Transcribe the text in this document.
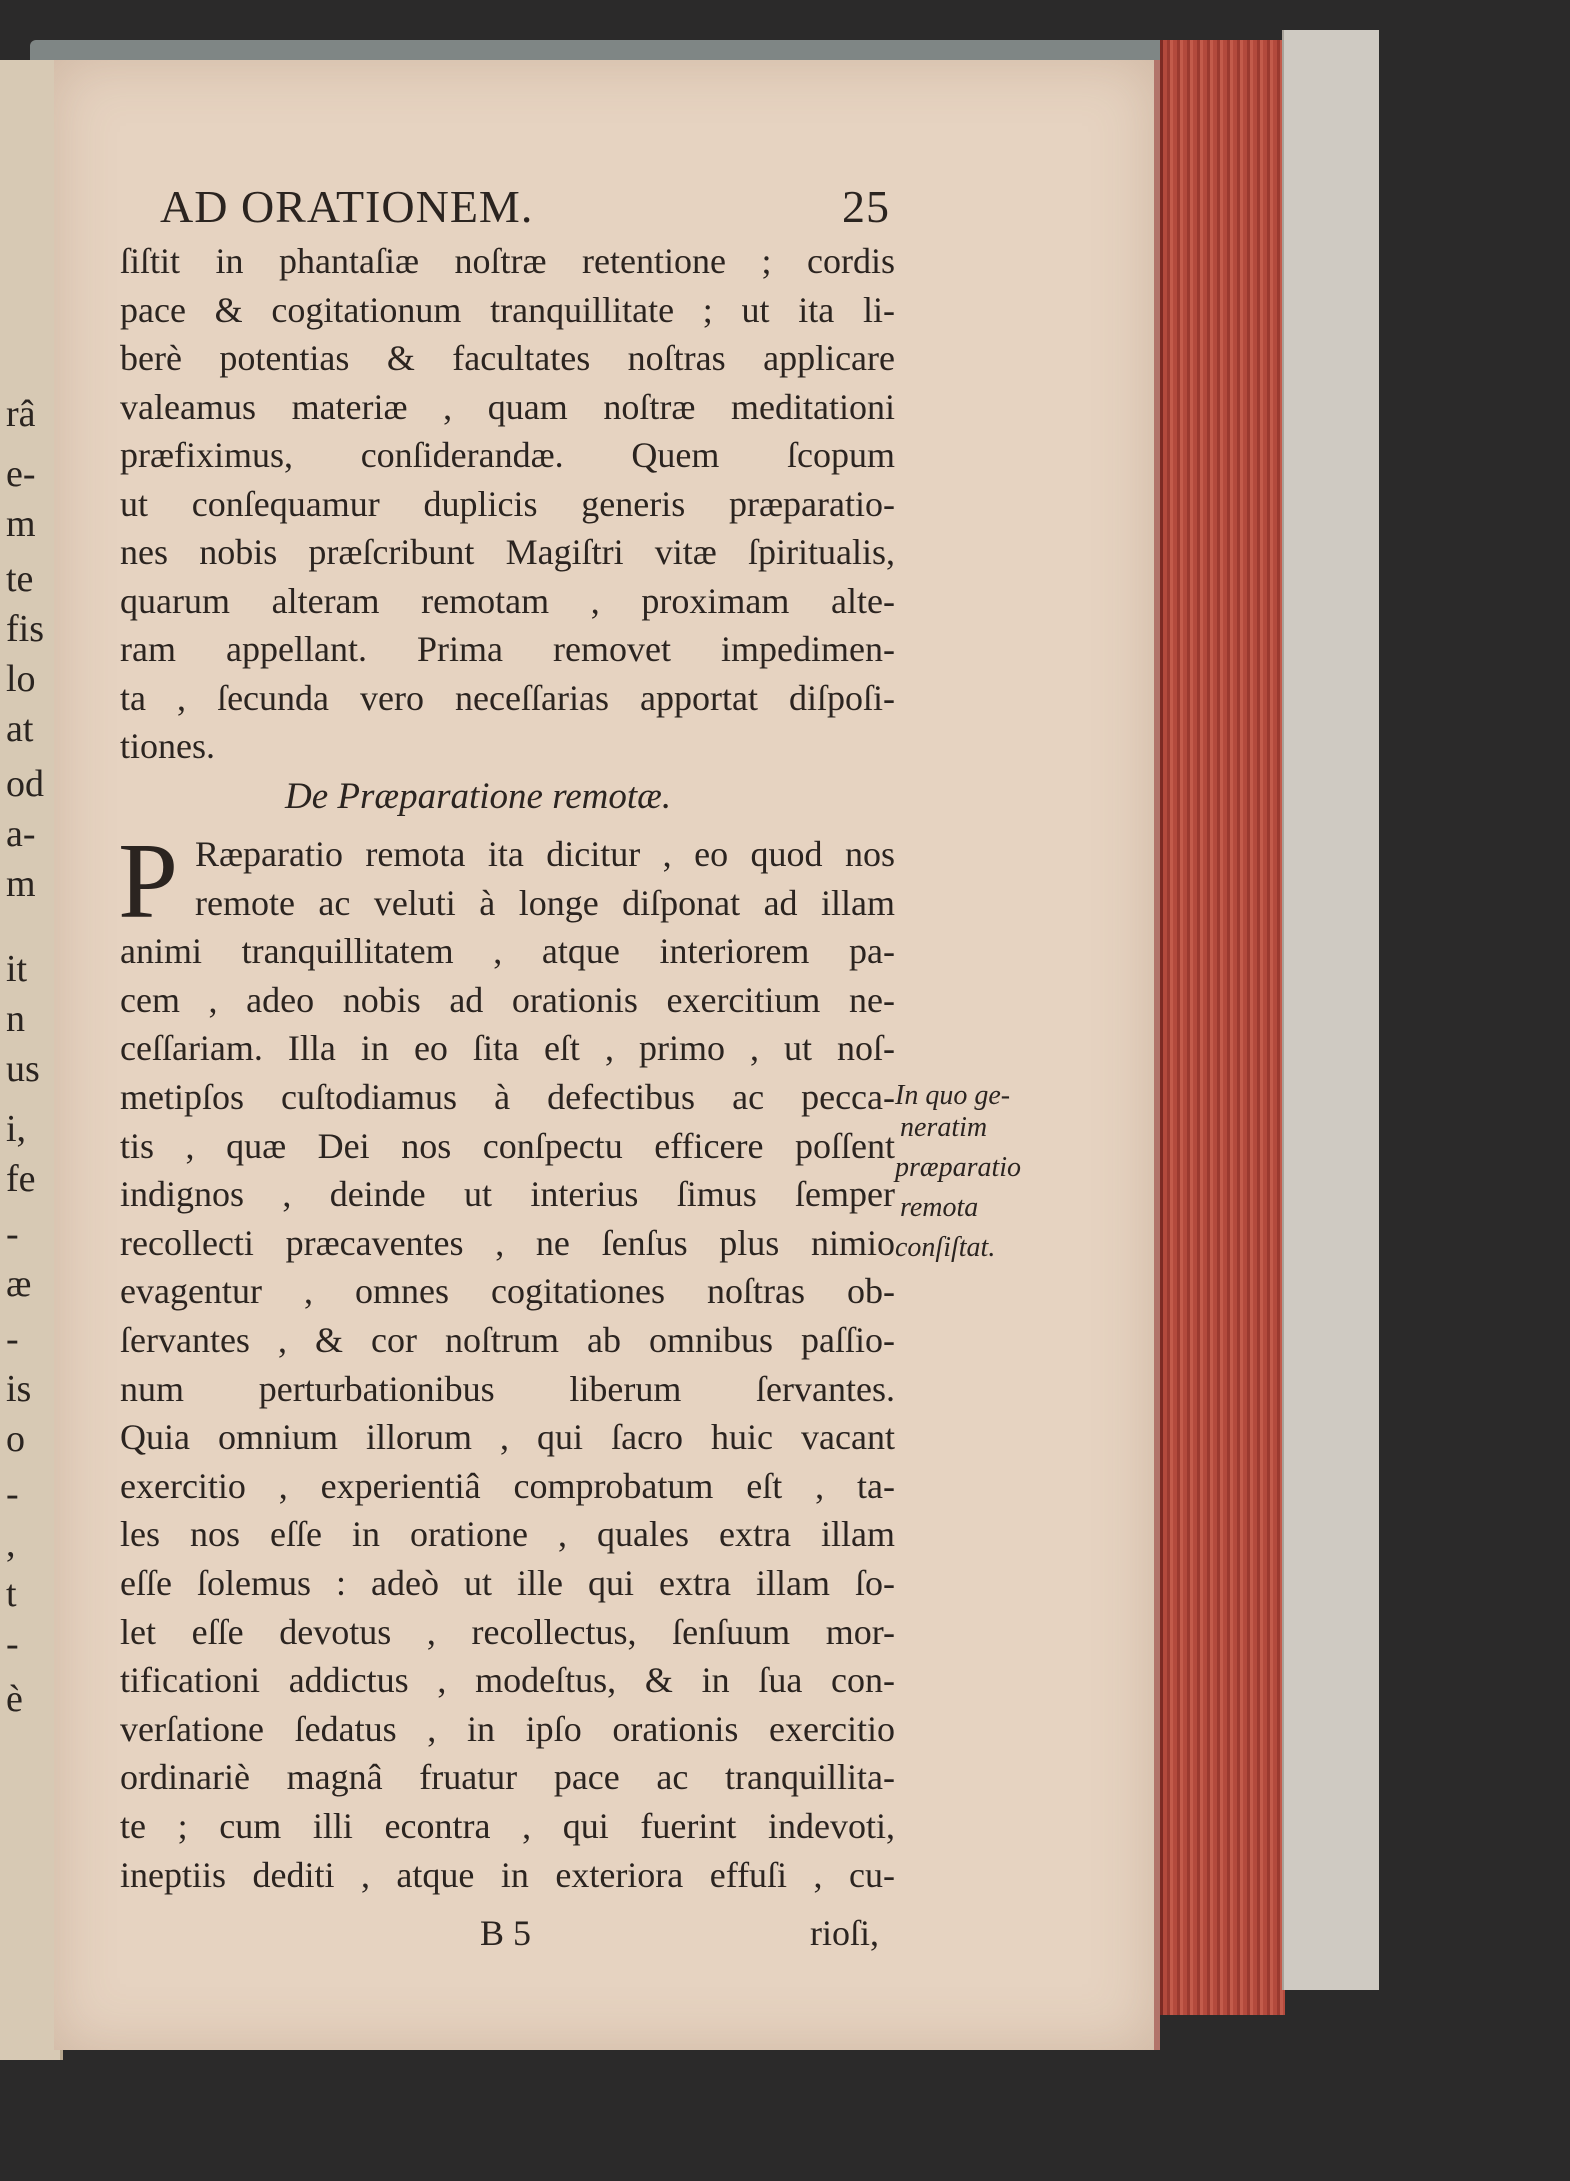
râ
e-
m
te
fis
lo
at
od
a-
m
it
n
us
i,
fe
-
æ
-
is
o
-
,
t
-
è
AD ORATIONEM.	25
ſiſtit in phantaſiæ noſtræ retentione ; cordis
pace & cogitationum tranquillitate ; ut ita li-
berè potentias & facultates noſtras applicare
valeamus materiæ , quam noſtræ meditationi
præfiximus, conſiderandæ. Quem ſcopum
ut conſequamur duplicis generis præparatio-
nes nobis præſcribunt Magiſtri vitæ ſpiritualis,
quarum alteram remotam , proximam alte-
ram appellant. Prima removet impedimen-
ta , ſecunda vero neceſſarias apportat diſpoſi-
tiones.
De Præparatione remotæ.
P Ræparatio remota ita dicitur , eo quod nos
remote ac veluti à longe diſponat ad illam
animi tranquillitatem , atque interiorem pa-
cem , adeo nobis ad orationis exercitium ne-
ceſſariam. Illa in eo ſita eſt , primo , ut noſ-
metipſos cuſtodiamus à defectibus ac pecca-
tis , quæ Dei nos conſpectu efficere poſſent
indignos , deinde ut interius ſimus ſemper
recollecti præcaventes , ne ſenſus plus nimio
evagentur , omnes cogitationes noſtras ob-
ſervantes , & cor noſtrum ab omnibus paſſio-
num perturbationibus liberum ſervantes.
Quia omnium illorum , qui ſacro huic vacant
exercitio , experientiâ comprobatum eſt , ta-
les nos eſſe in oratione , quales extra illam
eſſe ſolemus : adeò ut ille qui extra illam ſo-
let eſſe devotus , recollectus, ſenſuum mor-
tificationi addictus , modeſtus, & in ſua con-
verſatione ſedatus , in ipſo orationis exercitio
ordinariè magnâ fruatur pace ac tranquillita-
te ; cum illi econtra , qui fuerint indevoti,
ineptiis dediti , atque in exteriora effuſi , cu-
In quo ge-
neratim
præparatio
remota
conſiſtat.
B 5	rioſi,
